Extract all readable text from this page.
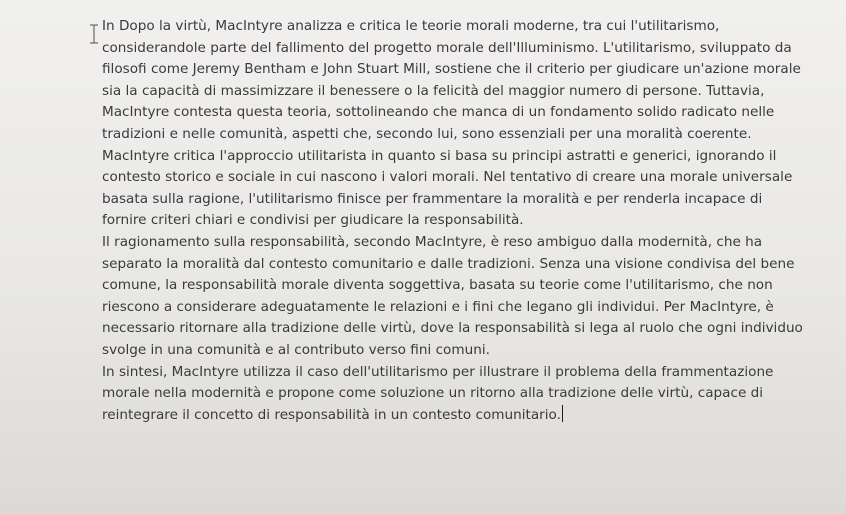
In Dopo la virtù, MacIntyre analizza e critica le teorie morali moderne, tra cui l'utilitarismo,
considerandole parte del fallimento del progetto morale dell'Illuminismo. L'utilitarismo, sviluppato da
filosofi come Jeremy Bentham e John Stuart Mill, sostiene che il criterio per giudicare un'azione morale
sia la capacità di massimizzare il benessere o la felicità del maggior numero di persone. Tuttavia,
MacIntyre contesta questa teoria, sottolineando che manca di un fondamento solido radicato nelle
tradizioni e nelle comunità, aspetti che, secondo lui, sono essenziali per una moralità coerente.
MacIntyre critica l'approccio utilitarista in quanto si basa su principi astratti e generici, ignorando il
contesto storico e sociale in cui nascono i valori morali. Nel tentativo di creare una morale universale
basata sulla ragione, l'utilitarismo finisce per frammentare la moralità e per renderla incapace di
fornire criteri chiari e condivisi per giudicare la responsabilità.
Il ragionamento sulla responsabilità, secondo MacIntyre, è reso ambiguo dalla modernità, che ha
separato la moralità dal contesto comunitario e dalle tradizioni. Senza una visione condivisa del bene
comune, la responsabilità morale diventa soggettiva, basata su teorie come l'utilitarismo, che non
riescono a considerare adeguatamente le relazioni e i fini che legano gli individui. Per MacIntyre, è
necessario ritornare alla tradizione delle virtù, dove la responsabilità si lega al ruolo che ogni individuo
svolge in una comunità e al contributo verso fini comuni.
In sintesi, MacIntyre utilizza il caso dell'utilitarismo per illustrare il problema della frammentazione
morale nella modernità e propone come soluzione un ritorno alla tradizione delle virtù, capace di
reintegrare il concetto di responsabilità in un contesto comunitario.
